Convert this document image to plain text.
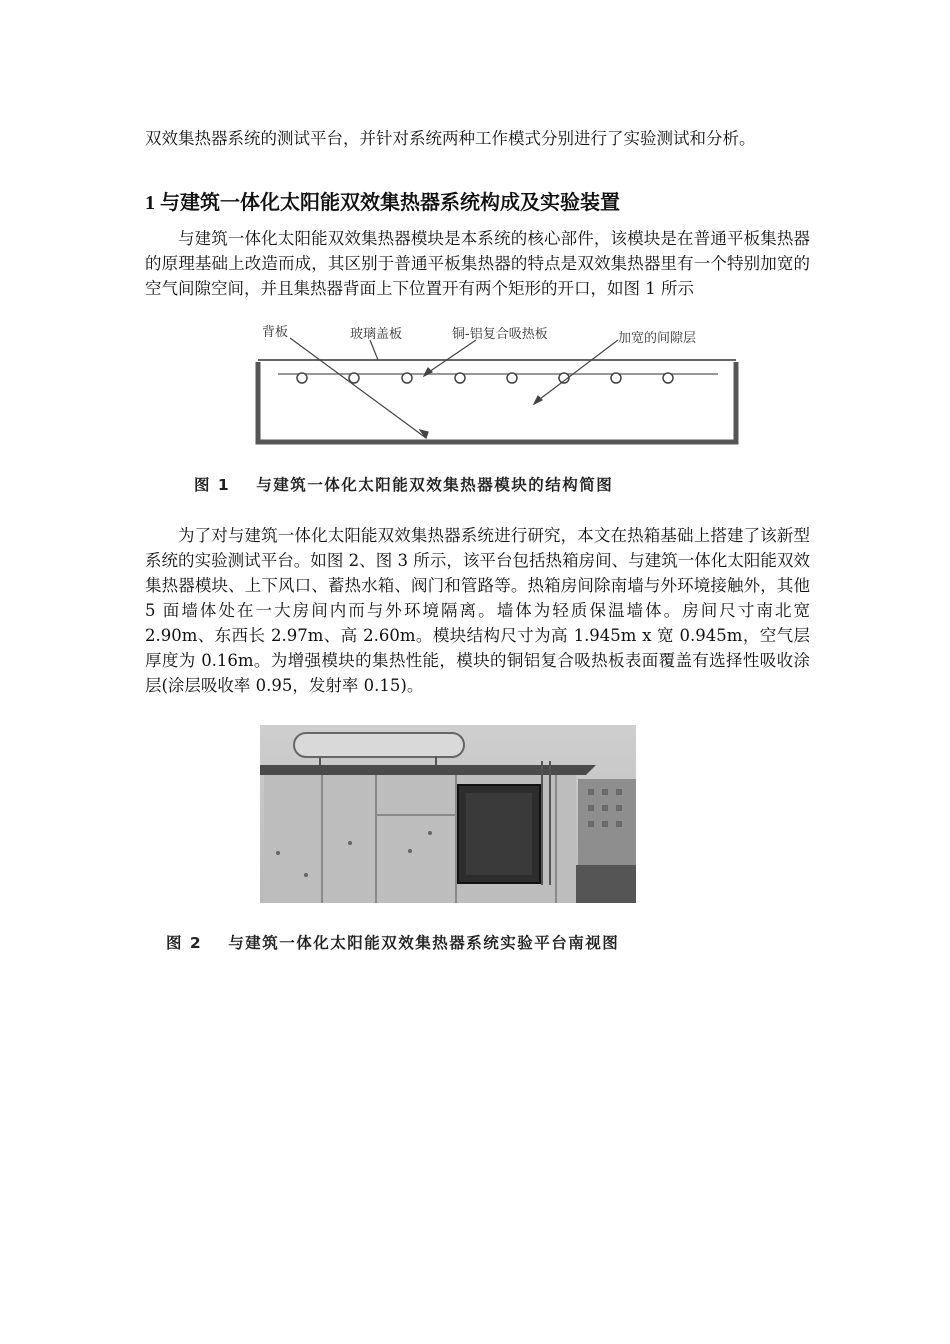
双效集热器系统的测试平台，并针对系统两种工作模式分别进行了实验测试和分析。

1 与建筑一体化太阳能双效集热器系统构成及实验装置

与建筑一体化太阳能双效集热器模块是本系统的核心部件，该模块是在普通平板集热器的原理基础上改造而成，其区别于普通平板集热器的特点是双效集热器里有一个特别加宽的空气间隙空间，并且集热器背面上下位置开有两个矩形的开口，如图 1 所示

背板	玻璃盖板	铜-铝复合吸热板	加宽的间隙层
图 1 与建筑一体化太阳能双效集热器模块的结构简图

为了对与建筑一体化太阳能双效集热器系统进行研究，本文在热箱基础上搭建了该新型系统的实验测试平台。如图 2、图 3 所示，该平台包括热箱房间、与建筑一体化太阳能双效集热器模块、上下风口、蓄热水箱、阀门和管路等。热箱房间除南墙与外环境接触外，其他 5 面墙体处在一大房间内而与外环境隔离。墙体为轻质保温墙体。房间尺寸南北宽 2.90m、东西长 2.97m、高 2.60m。模块结构尺寸为高 1.945m x 宽 0.945m，空气层厚度为 0.16m。为增强模块的集热性能，模块的铜铝复合吸热板表面覆盖有选择性吸收涂层(涂层吸收率 0.95，发射率 0.15)。

图 2 与建筑一体化太阳能双效集热器系统实验平台南视图
